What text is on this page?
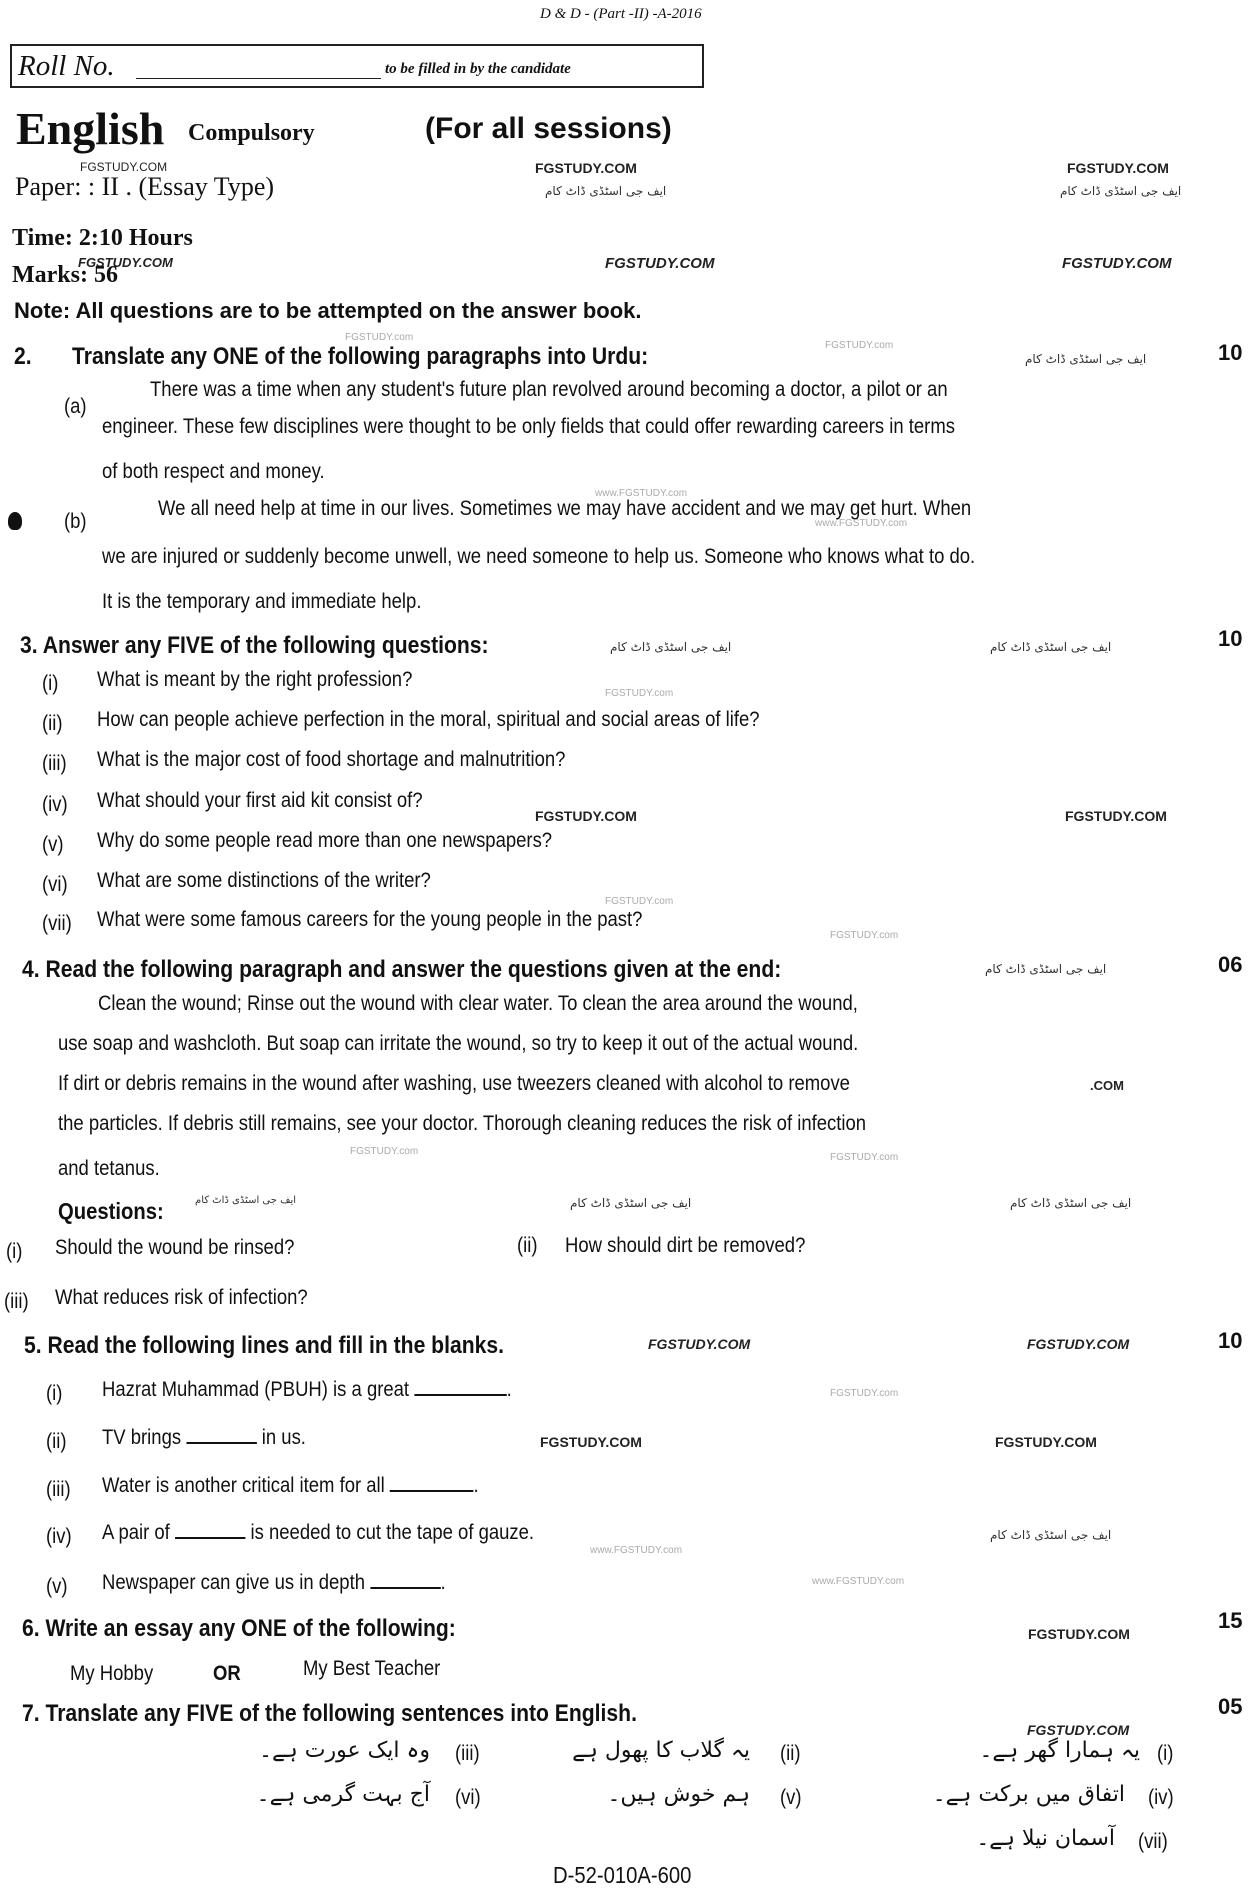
D & D - (Part -II) -A-2016
Roll No.	to be filled in by the candidate
English Compulsory	(For all sessions)
FGSTUDY.COM	FGSTUDY.COM	FGSTUDY.COM
ایف جی اسٹڈی ڈاٹ کام	ایف جی اسٹڈی ڈاٹ کام
Paper: : II . (Essay Type)
Time: 2:10 Hours
FGSTUDY.COM	FGSTUDY.COM	FGSTUDY.COM
Marks: 56
Note: All questions are to be attempted on the answer book.
FGSTUDY.com
FGSTUDY.com
2. Translate any ONE of the following paragraphs into Urdu:	ایف جی اسٹڈی ڈاٹ کام	10
(a)
There was a time when any student's future plan revolved around becoming a doctor, a pilot or an
engineer. These few disciplines were thought to be only fields that could offer rewarding careers in terms
of both respect and money.
www.FGSTUDY.com
(b)
We all need help at time in our lives. Sometimes we may have accident and we may get hurt. When
www.FGSTUDY.com
we are injured or suddenly become unwell, we need someone to help us. Someone who knows what to do.
It is the temporary and immediate help.
3. Answer any FIVE of the following questions:	ایف جی اسٹڈی ڈاٹ کام	ایف جی اسٹڈی ڈاٹ کام	10
(i) What is meant by the right profession?
FGSTUDY.com
(ii) How can people achieve perfection in the moral, spiritual and social areas of life?
(iii) What is the major cost of food shortage and malnutrition?
(iv) What should your first aid kit consist of?
FGSTUDY.COM	FGSTUDY.COM
(v) Why do some people read more than one newspapers?
(vi) What are some distinctions of the writer?
FGSTUDY.com
(vii) What were some famous careers for the young people in the past?
FGSTUDY.com
4. Read the following paragraph and answer the questions given at the end:	ایف جی اسٹڈی ڈاٹ کام	06
Clean the wound; Rinse out the wound with clear water. To clean the area around the wound,
use soap and washcloth. But soap can irritate the wound, so try to keep it out of the actual wound.
If dirt or debris remains in the wound after washing, use tweezers cleaned with alcohol to remove	.COM
the particles. If debris still remains, see your doctor. Thorough cleaning reduces the risk of infection
FGSTUDY.com
FGSTUDY.com
and tetanus.
Questions:	ایف جی اسٹڈی ڈاٹ کام	ایف جی اسٹڈی ڈاٹ کام	ایف جی اسٹڈی ڈاٹ کام
(i) Should the wound be rinsed?	(ii) How should dirt be removed?
(iii) What reduces risk of infection?
5. Read the following lines and fill in the blanks.	FGSTUDY.COM	FGSTUDY.COM	10
(i) Hazrat Muhammad (PBUH) is a great	.	FGSTUDY.com
(ii) TV brings	in us.	FGSTUDY.COM	FGSTUDY.COM
(iii) Water is another critical item for all	.
(iv) A pair of	is needed to cut the tape of gauze.
www.FGSTUDY.com
ایف جی اسٹڈی ڈاٹ کام
(v) Newspaper can give us in depth	.	www.FGSTUDY.com
6. Write an essay any ONE of the following:	FGSTUDY.COM
15
My Hobby	OR	My Best Teacher
7. Translate any FIVE of the following sentences into English.	05
FGSTUDY.COM
(i)
یہ ہمارا گھر ہے۔
(ii)
یہ گلاب کا پھول ہے
(iii)
وہ ایک عورت ہے۔
(iv)
اتفاق میں برکت ہے۔
(v)
ہم خوش ہیں۔
(vi)
آج بہت گرمی ہے۔
(vii)
آسمان نیلا ہے۔
D-52-010A-600
